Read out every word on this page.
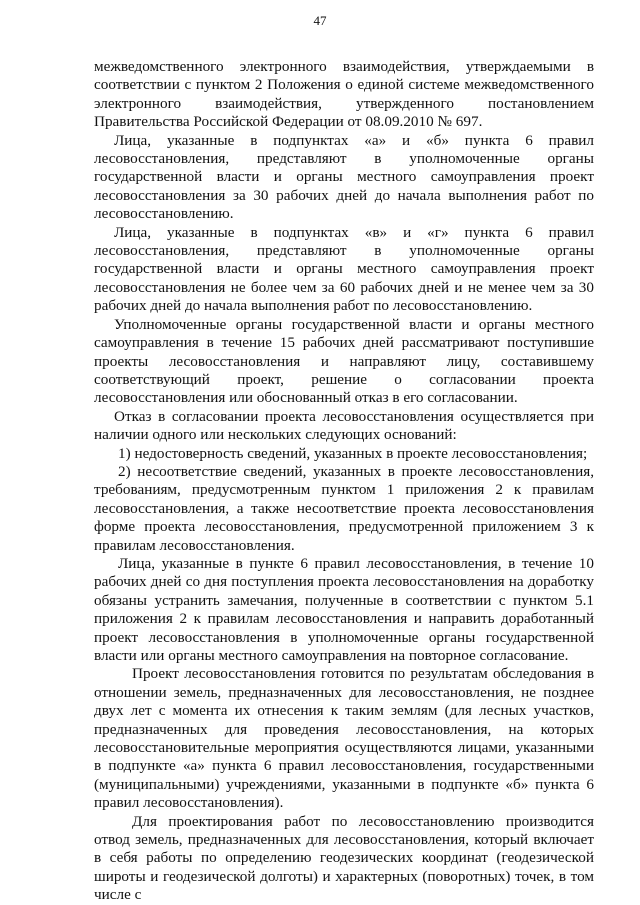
47

межведомственного электронного взаимодействия, утверждаемыми в соответствии с пунктом 2 Положения о единой системе межведомственного электронного взаимодействия, утвержденного постановлением Правительства Российской Федерации от 08.09.2010 № 697.

Лица, указанные в подпунктах «а» и «б» пункта 6 правил лесовосстановления, представляют в уполномоченные органы государственной власти и органы местного самоуправления проект лесовосстановления за 30 рабочих дней до начала выполнения работ по лесовосстановлению.

Лица, указанные в подпунктах «в» и «г» пункта 6 правил лесовосстановления, представляют в уполномоченные органы государственной власти и органы местного самоуправления проект лесовосстановления не более чем за 60 рабочих дней и не менее чем за 30 рабочих дней до начала выполнения работ по лесовосстановлению.

Уполномоченные органы государственной власти и органы местного самоуправления в течение 15 рабочих дней рассматривают поступившие проекты лесовосстановления и направляют лицу, составившему соответствующий проект, решение о согласовании проекта лесовосстановления или обоснованный отказ в его согласовании.

Отказ в согласовании проекта лесовосстановления осуществляется при наличии одного или нескольких следующих оснований:

1) недостоверность сведений, указанных в проекте лесовосстановления;

2) несоответствие сведений, указанных в проекте лесовосстановления, требованиям, предусмотренным пунктом 1 приложения 2 к правилам лесовосстановления, а также несоответствие проекта лесовосстановления форме проекта лесовосстановления, предусмотренной приложением 3 к правилам лесовосстановления.

Лица, указанные в пункте 6 правил лесовосстановления, в течение 10 рабочих дней со дня поступления проекта лесовосстановления на доработку обязаны устранить замечания, полученные в соответствии с пунктом 5.1 приложения 2 к правилам лесовосстановления и направить доработанный проект лесовосстановления в уполномоченные органы государственной власти или органы местного самоуправления на повторное согласование.

Проект лесовосстановления готовится по результатам обследования в отношении земель, предназначенных для лесовосстановления, не позднее двух лет с момента их отнесения к таким землям (для лесных участков, предназначенных для проведения лесовосстановления, на которых лесовосстановительные мероприятия осуществляются лицами, указанными в подпункте «а» пункта 6 правил лесовосстановления, государственными (муниципальными) учреждениями, указанными в подпункте «б» пункта 6 правил лесовосстановления).

Для проектирования работ по лесовосстановлению производится отвод земель, предназначенных для лесовосстановления, который включает в себя работы по определению геодезических координат (геодезической широты и геодезической долготы) и характерных (поворотных) точек, в том числе с
